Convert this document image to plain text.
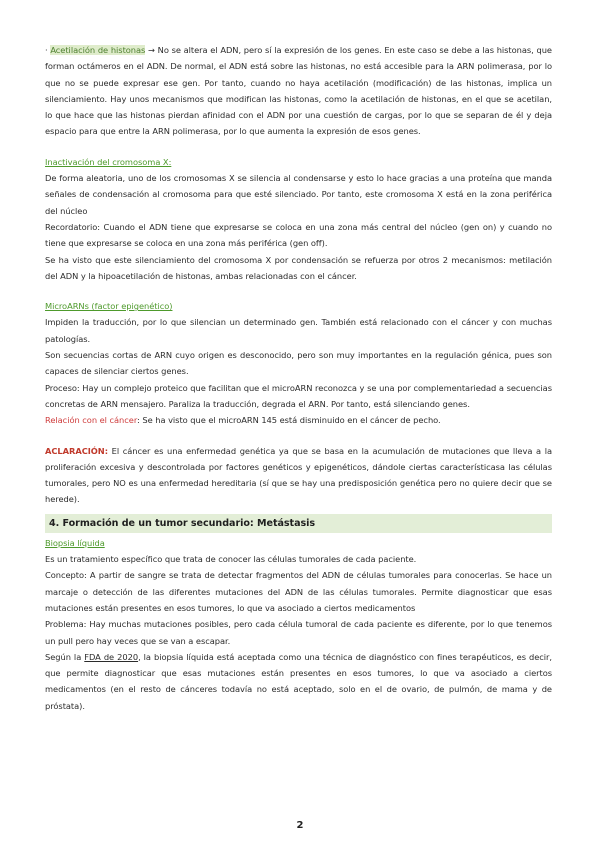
· Acetilación de histonas → No se altera el ADN, pero sí la expresión de los genes. En este caso se debe a las histonas, que forman octámeros en el ADN. De normal, el ADN está sobre las histonas, no está accesible para la ARN polimerasa, por lo que no se puede expresar ese gen. Por tanto, cuando no haya acetilación (modificación) de las histonas, implica un silenciamiento. Hay unos mecanismos que modifican las histonas, como la acetilación de histonas, en el que se acetilan, lo que hace que las histonas pierdan afinidad con el ADN por una cuestión de cargas, por lo que se separan de él y deja espacio para que entre la ARN polimerasa, por lo que aumenta la expresión de esos genes.

Inactivación del cromosoma X:

De forma aleatoria, uno de los cromosomas X se silencia al condensarse y esto lo hace gracias a una proteína que manda señales de condensación al cromosoma para que esté silenciado. Por tanto, este cromosoma X está en la zona periférica del núcleo

Recordatorio: Cuando el ADN tiene que expresarse se coloca en una zona más central del núcleo (gen on) y cuando no tiene que expresarse se coloca en una zona más periférica (gen off).

Se ha visto que este silenciamiento del cromosoma X por condensación se refuerza por otros 2 mecanismos: metilación del ADN y la hipoacetilación de histonas, ambas relacionadas con el cáncer.

MicroARNs (factor epigenético)

Impiden la traducción, por lo que silencian un determinado gen. También está relacionado con el cáncer y con muchas patologías.

Son secuencias cortas de ARN cuyo origen es desconocido, pero son muy importantes en la regulación génica, pues son capaces de silenciar ciertos genes.

Proceso: Hay un complejo proteico que facilitan que el microARN reconozca y se una por complementariedad a secuencias concretas de ARN mensajero. Paraliza la traducción, degrada el ARN. Por tanto, está silenciando genes.

Relación con el cáncer: Se ha visto que el microARN 145 está disminuido en el cáncer de pecho.

ACLARACIÓN: El cáncer es una enfermedad genética ya que se basa en la acumulación de mutaciones que lleva a la proliferación excesiva y descontrolada por factores genéticos y epigenéticos, dándole ciertas característicasa las células tumorales, pero NO es una enfermedad hereditaria (sí que se hay una predisposición genética pero no quiere decir que se herede).

4. Formación de un tumor secundario: Metástasis

Biopsia líquida

Es un tratamiento específico que trata de conocer las células tumorales de cada paciente.

Concepto: A partir de sangre se trata de detectar fragmentos del ADN de células tumorales para conocerlas. Se hace un marcaje o detección de las diferentes mutaciones del ADN de las células tumorales. Permite diagnosticar que esas mutaciones están presentes en esos tumores, lo que va asociado a ciertos medicamentos

Problema: Hay muchas mutaciones posibles, pero cada célula tumoral de cada paciente es diferente, por lo que tenemos un pull pero hay veces que se van a escapar.

Según la FDA de 2020, la biopsia líquida está aceptada como una técnica de diagnóstico con fines terapéuticos, es decir, que permite diagnosticar que esas mutaciones están presentes en esos tumores, lo que va asociado a ciertos medicamentos (en el resto de cánceres todavía no está aceptado, solo en el de ovario, de pulmón, de mama y de próstata).

2
